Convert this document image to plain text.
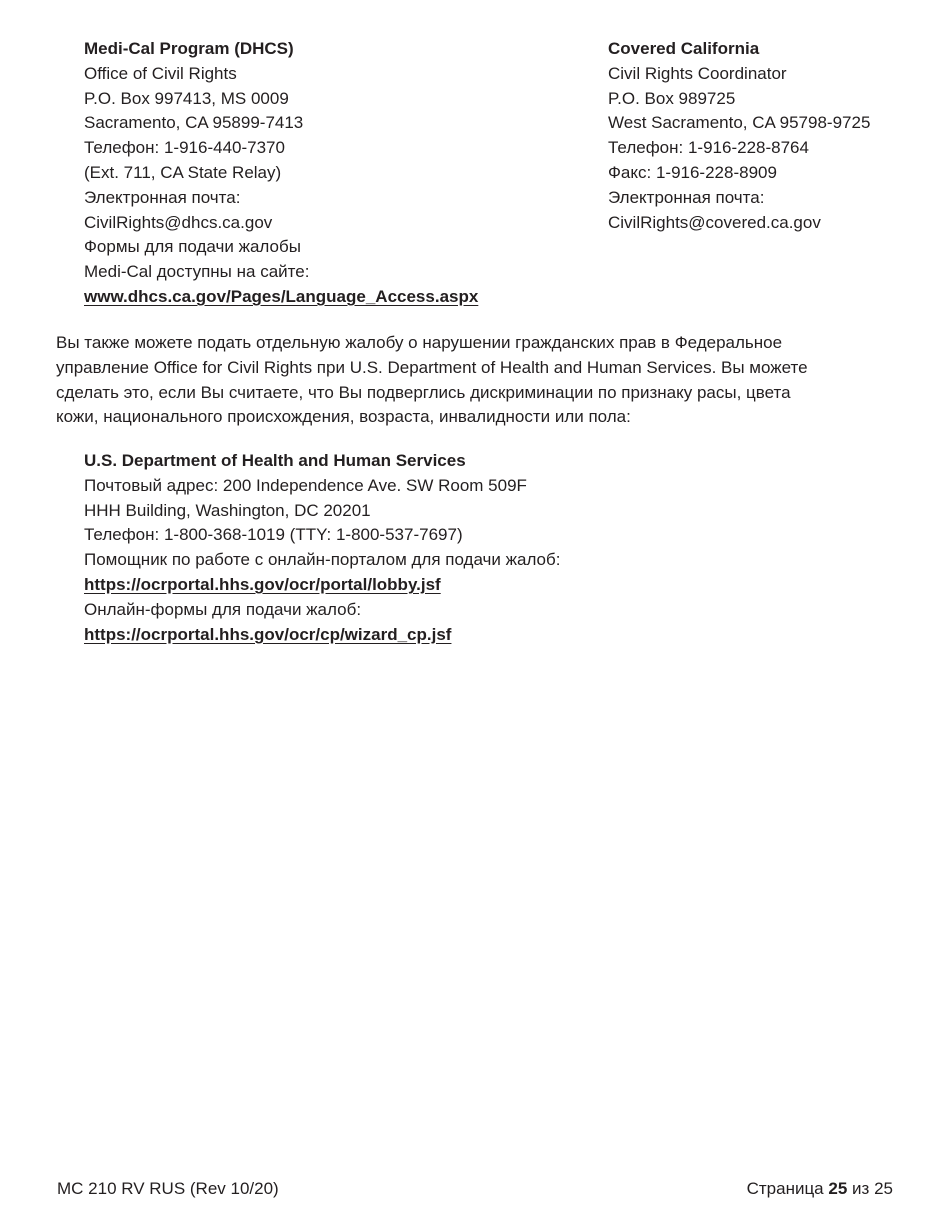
Medi-Cal Program (DHCS)
Office of Civil Rights
P.O. Box 997413, MS 0009
Sacramento, CA 95899-7413
Телефон: 1-916-440-7370
(Ext. 711, CA State Relay)
Электронная почта:
CivilRights@dhcs.ca.gov
Формы для подачи жалобы
Medi-Cal доступны на сайте:
www.dhcs.ca.gov/Pages/Language_Access.aspx
Covered California
Civil Rights Coordinator
P.O. Box 989725
West Sacramento, CA 95798-9725
Телефон: 1-916-228-8764
Факс: 1-916-228-8909
Электронная почта:
CivilRights@covered.ca.gov
Вы также можете подать отдельную жалобу о нарушении гражданских прав в Федеральное
управление Office for Civil Rights при U.S. Department of Health and Human Services. Вы можете
сделать это, если Вы считаете, что Вы подверглись дискриминации по признаку расы, цвета
кожи, национального происхождения, возраста, инвалидности или пола:
U.S. Department of Health and Human Services
Почтовый адрес: 200 Independence Ave. SW Room 509F
HHH Building, Washington, DC 20201
Телефон: 1-800-368-1019 (TTY: 1-800-537-7697)
Помощник по работе с онлайн-порталом для подачи жалоб:
https://ocrportal.hhs.gov/ocr/portal/lobby.jsf
Онлайн-формы для подачи жалоб:
https://ocrportal.hhs.gov/ocr/cp/wizard_cp.jsf
MC 210 RV RUS (Rev 10/20)	Страница 25 из 25
